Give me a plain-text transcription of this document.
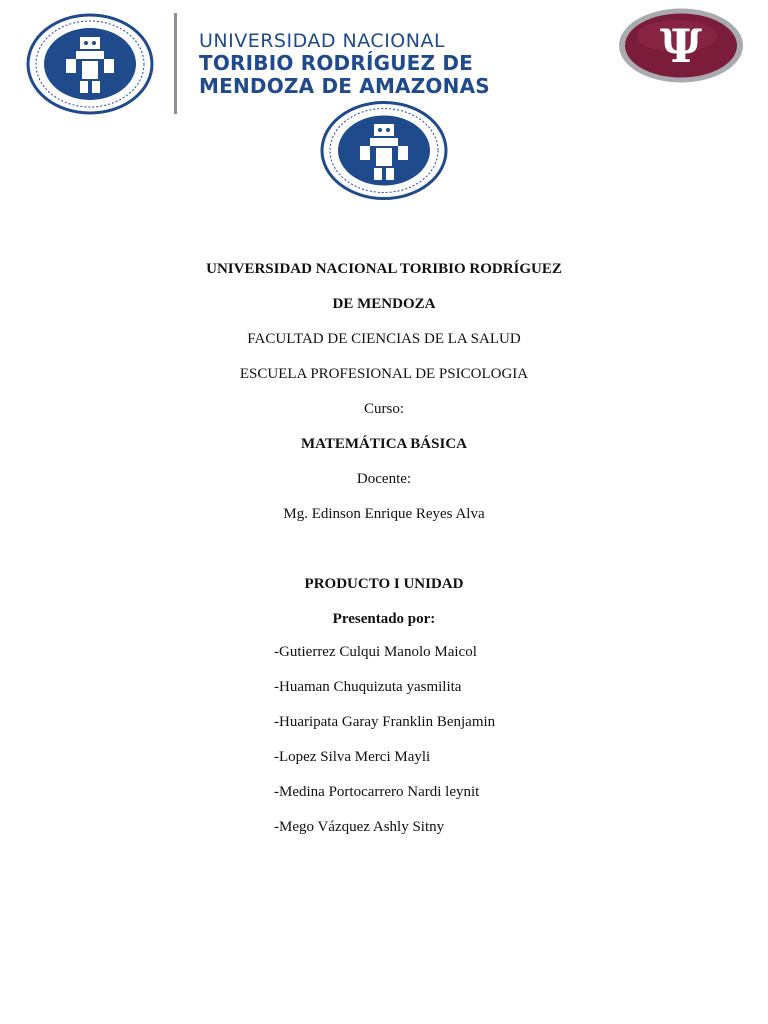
UNIVERSIDAD NACIONAL
TORIBIO RODRÍGUEZ DE
MENDOZA DE AMAZONAS
Ψ
UNIVERSIDAD NACIONAL TORIBIO RODRÍGUEZ
DE MENDOZA
FACULTAD DE CIENCIAS DE LA SALUD
ESCUELA PROFESIONAL DE PSICOLOGIA
Curso:
MATEMÁTICA BÁSICA
Docente:
Mg. Edinson Enrique Reyes Alva
PRODUCTO I UNIDAD
Presentado por:
-Gutierrez Culqui Manolo Maicol
-Huaman Chuquizuta yasmilita
-Huaripata Garay Franklin Benjamin
-Lopez Silva Merci Mayli
-Medina Portocarrero Nardi leynit
-Mego Vázquez Ashly Sitny
